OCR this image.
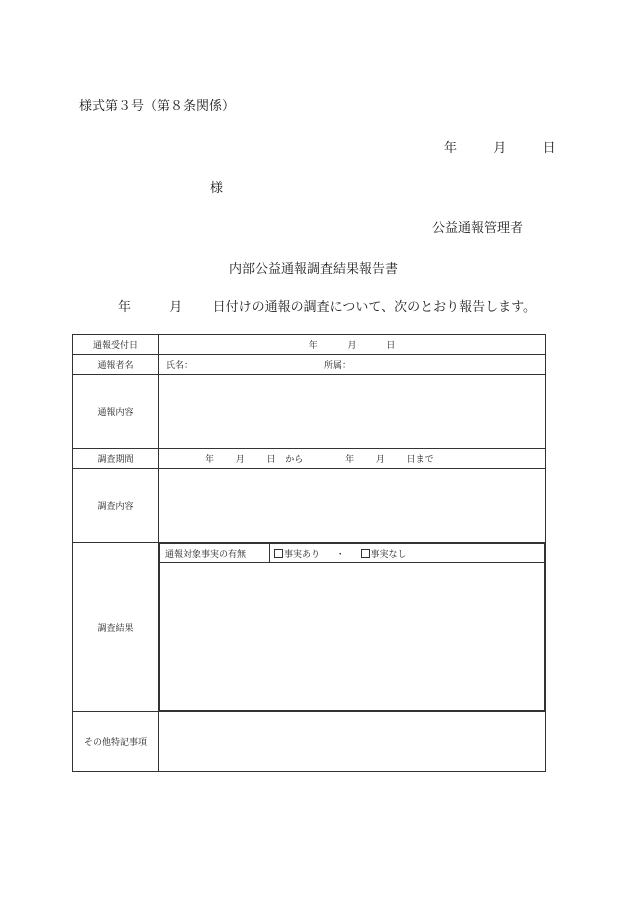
様式第３号（第８条関係）
年	月	日
様
公益通報管理者
内部公益通報調査結果報告書
年	月 日付けの通報の調査について、次のとおり報告します。
通報受付日	年	月	日
通報者名	氏名：	所属：
通報内容	
調査期間	年 月 日 から	年 月 日まで
調査内容	
調査結果	
通報対象事実の有無	事実あり ・	事実なし

その他特記事項	
